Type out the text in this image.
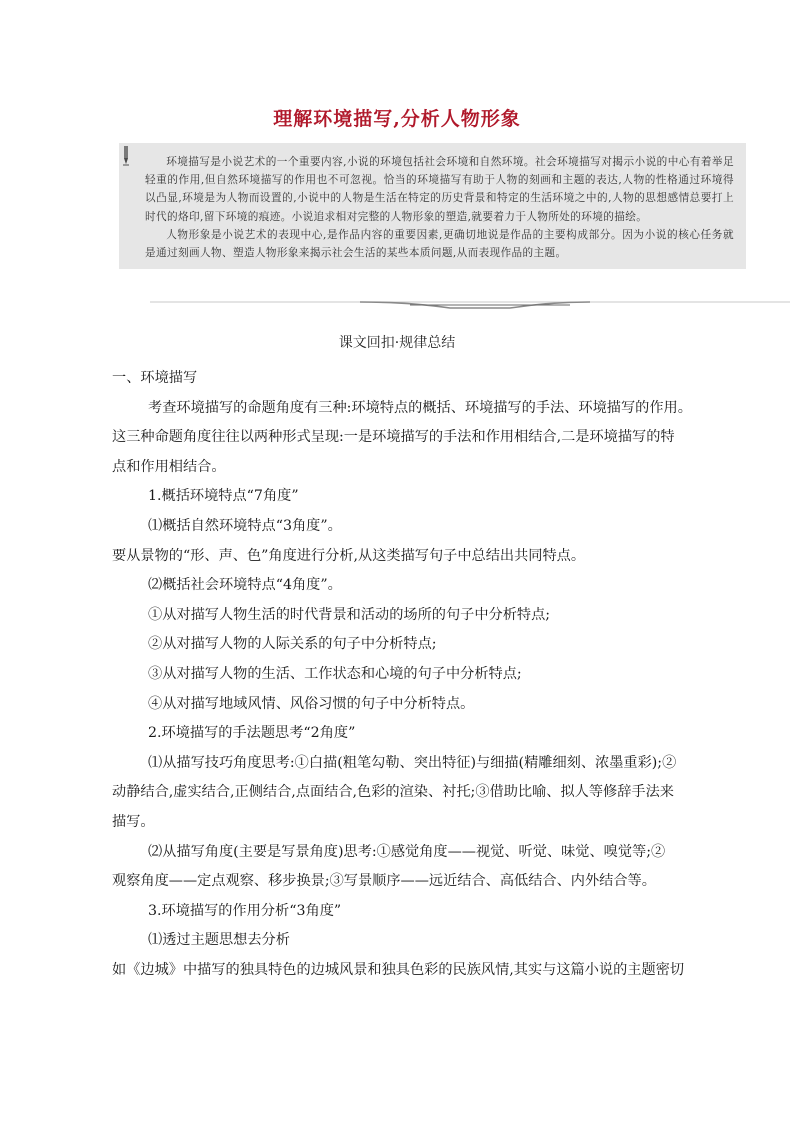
理解环境描写,分析人物形象

环境描写是小说艺术的一个重要内容,小说的环境包括社会环境和自然环境。社会环境描写对揭示小说的中心有着举足轻重的作用,但自然环境描写的作用也不可忽视。恰当的环境描写有助于人物的刻画和主题的表达,人物的性格通过环境得以凸显,环境是为人物而设置的,小说中的人物是生活在特定的历史背景和特定的生活环境之中的,人物的思想感情总要打上时代的烙印,留下环境的痕迹。小说追求相对完整的人物形象的塑造,就要着力于人物所处的环境的描绘。

人物形象是小说艺术的表现中心,是作品内容的重要因素,更确切地说是作品的主要构成部分。因为小说的核心任务就是通过刻画人物、塑造人物形象来揭示社会生活的某些本质问题,从而表现作品的主题。

课文回扣·规律总结
一、环境描写
考查环境描写的命题角度有三种:环境特点的概括、环境描写的手法、环境描写的作用。
这三种命题角度往往以两种形式呈现:一是环境描写的手法和作用相结合,二是环境描写的特
点和作用相结合。
1.概括环境特点“7角度”
⑴概括自然环境特点“3角度”。
要从景物的“形、声、色”角度进行分析,从这类描写句子中总结出共同特点。
⑵概括社会环境特点“4角度”。
①从对描写人物生活的时代背景和活动的场所的句子中分析特点;
②从对描写人物的人际关系的句子中分析特点;
③从对描写人物的生活、工作状态和心境的句子中分析特点;
④从对描写地域风情、风俗习惯的句子中分析特点。
2.环境描写的手法题思考“2角度”
⑴从描写技巧角度思考:①白描(粗笔勾勒、突出特征)与细描(精雕细刻、浓墨重彩);②
动静结合,虚实结合,正侧结合,点面结合,色彩的渲染、衬托;③借助比喻、拟人等修辞手法来
描写。
⑵从描写角度(主要是写景角度)思考:①感觉角度——视觉、听觉、味觉、嗅觉等;②
观察角度——定点观察、移步换景;③写景顺序——远近结合、高低结合、内外结合等。
3.环境描写的作用分析“3角度”
⑴透过主题思想去分析
如《边城》中描写的独具特色的边城风景和独具色彩的民族风情,其实与这篇小说的主题密切
